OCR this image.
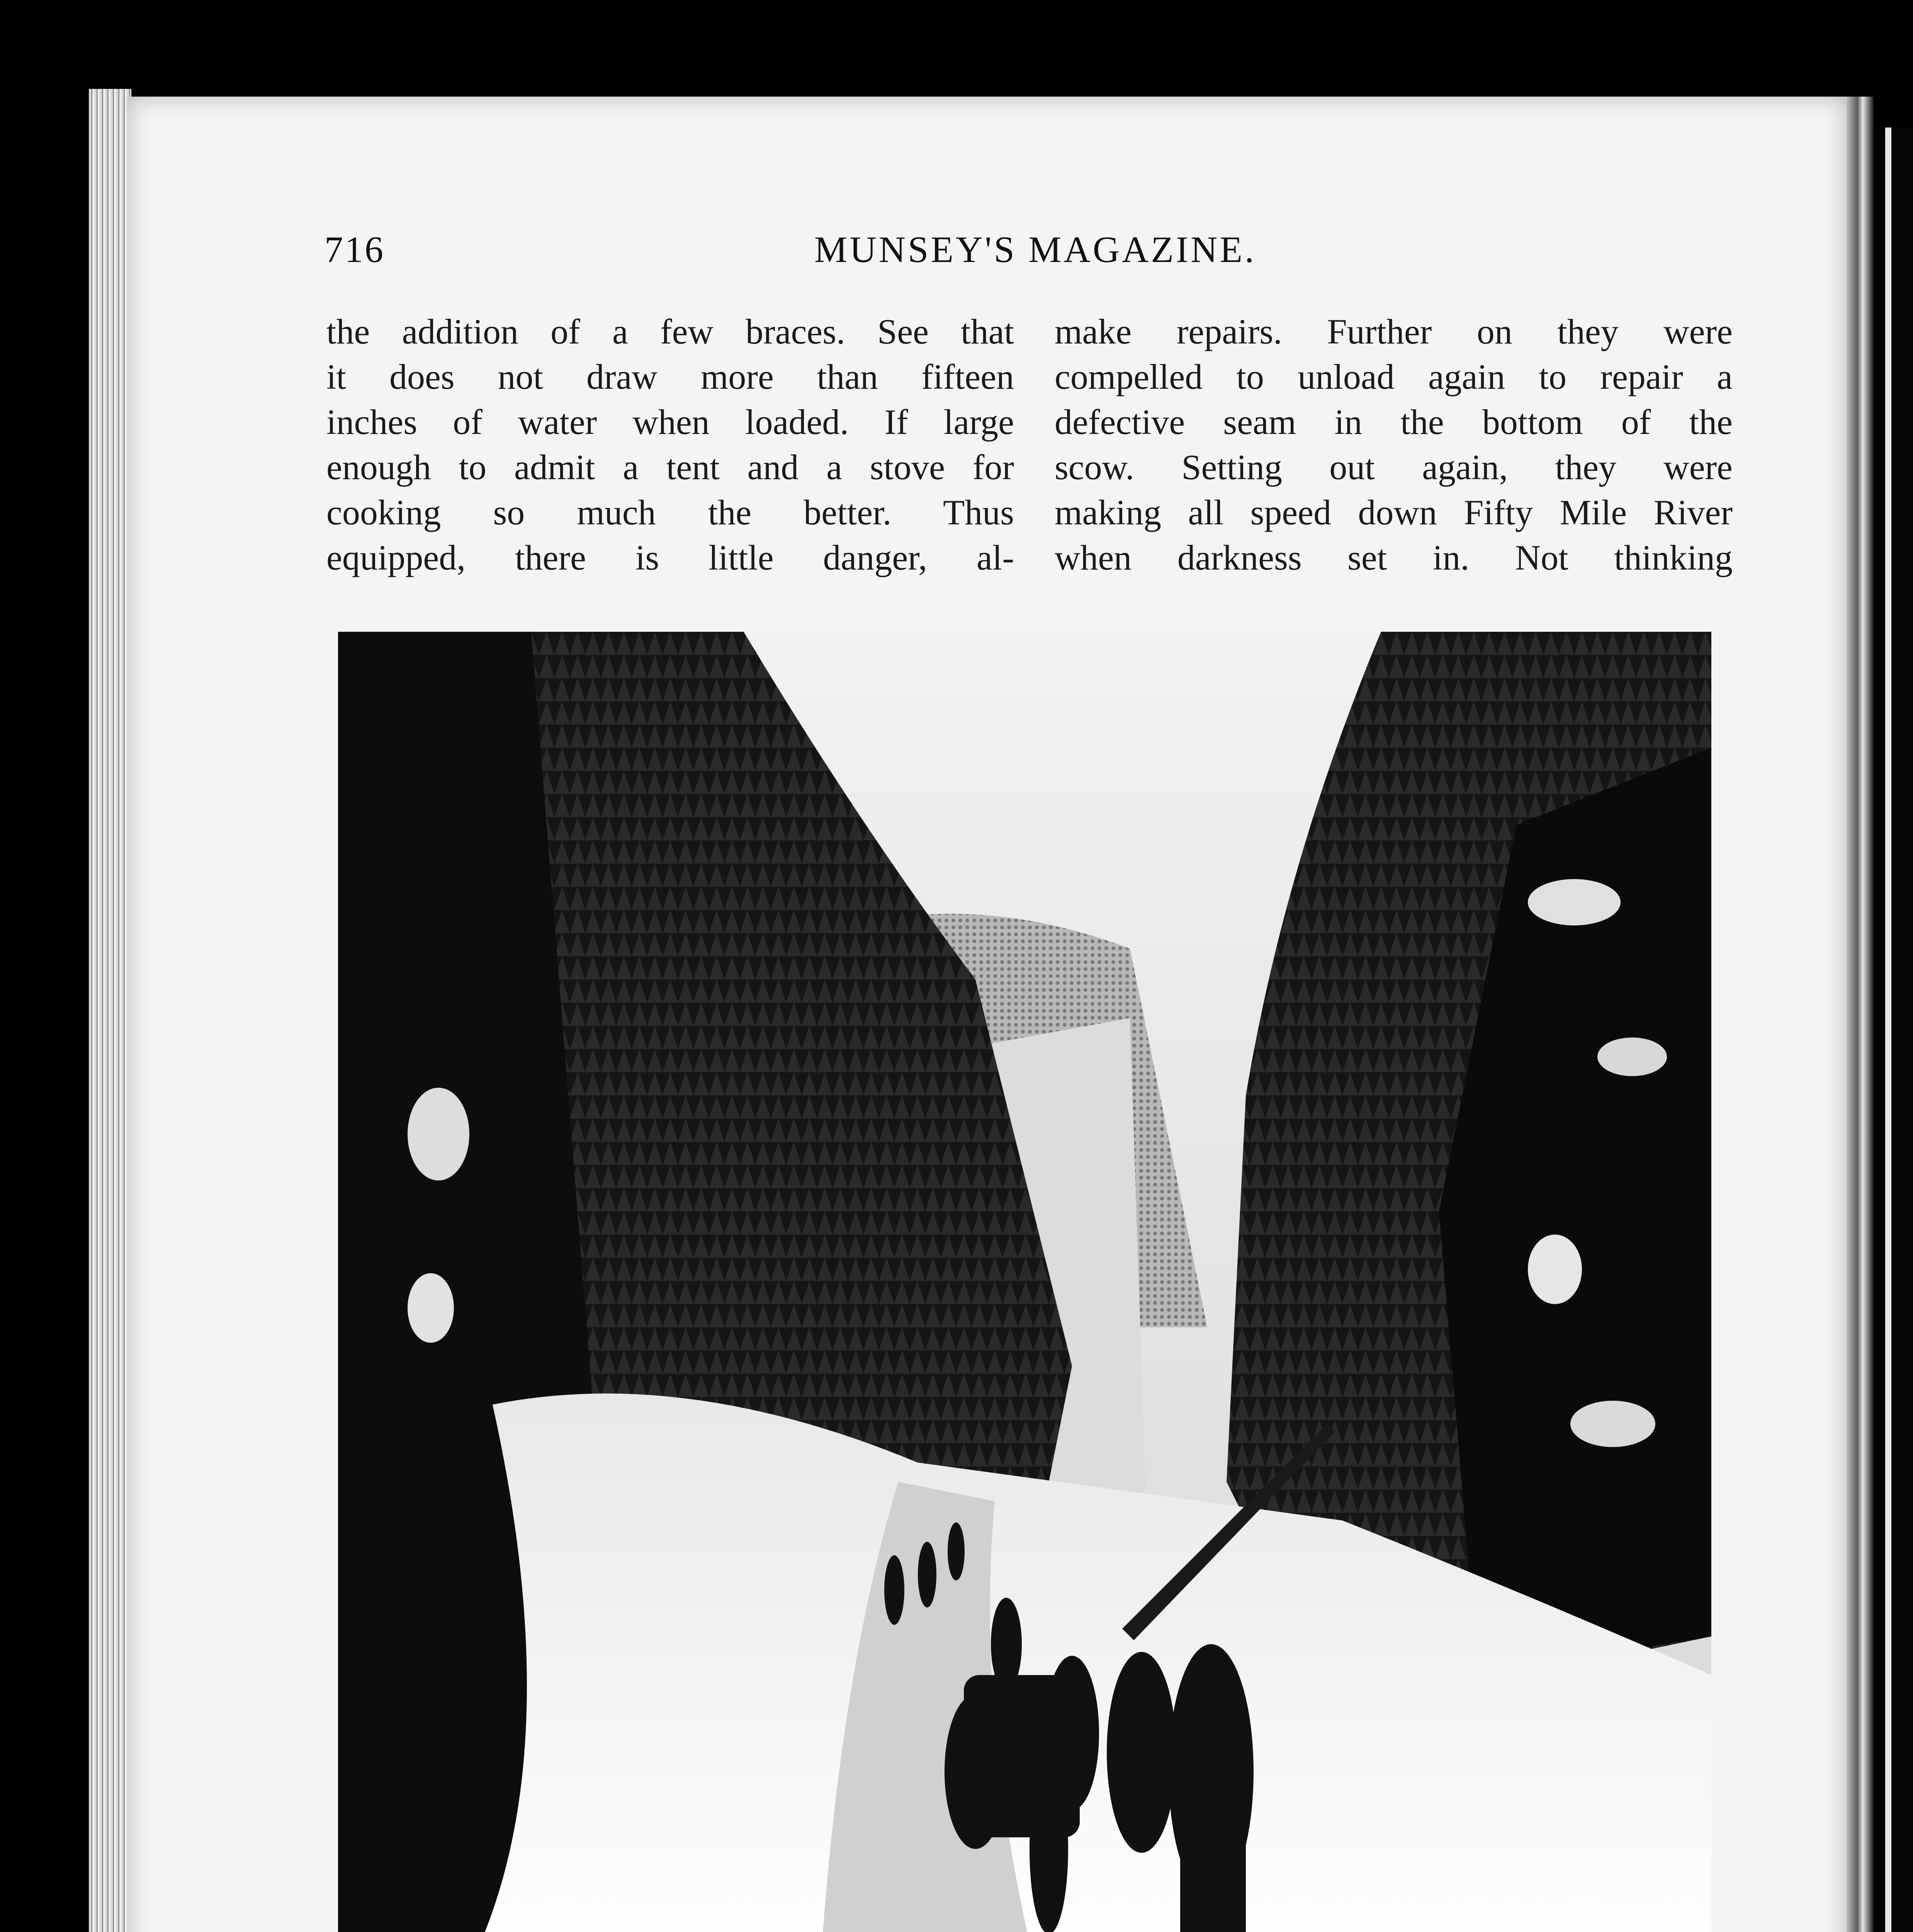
716	MUNSEY'S MAGAZINE.
the addition of a few braces. See that
it does not draw more than fifteen
inches of water when loaded. If large
enough to admit a tent and a stove for
cooking so much the better. Thus
equipped, there is little danger, al-
make repairs. Further on they were
compelled to unload again to repair a
defective seam in the bottom of the
scow. Setting out again, they were
making all speed down Fifty Mile River
when darkness set in. Not thinking
